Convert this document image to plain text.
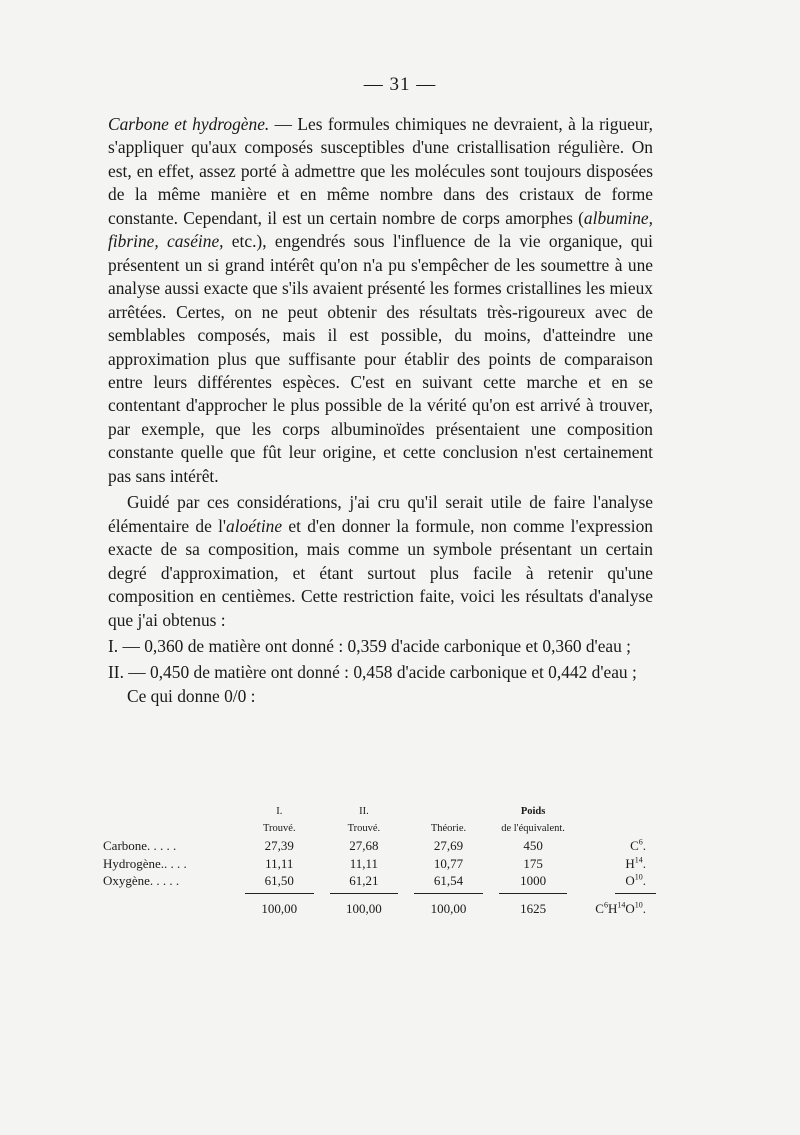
— 31 —

Carbone et hydrogène. — Les formules chimiques ne devraient, à la rigueur, s'appliquer qu'aux composés susceptibles d'une cristallisation régulière. On est, en effet, assez porté à admettre que les molécules sont toujours disposées de la même manière et en même nombre dans des cristaux de forme constante. Cependant, il est un certain nombre de corps amorphes (albumine, fibrine, caséine, etc.), engendrés sous l'influence de la vie organique, qui présentent un si grand intérêt qu'on n'a pu s'empêcher de les soumettre à une analyse aussi exacte que s'ils avaient présenté les formes cristallines les mieux arrêtées. Certes, on ne peut obtenir des résultats très-rigoureux avec de semblables composés, mais il est possible, du moins, d'atteindre une approximation plus que suffisante pour établir des points de comparaison entre leurs différentes espèces. C'est en suivant cette marche et en se contentant d'approcher le plus possible de la vérité qu'on est arrivé à trouver, par exemple, que les corps albuminoïdes présentaient une composition constante quelle que fût leur origine, et cette conclusion n'est certainement pas sans intérêt.

Guidé par ces considérations, j'ai cru qu'il serait utile de faire l'analyse élémentaire de l'aloétine et d'en donner la formule, non comme l'expression exacte de sa composition, mais comme un symbole présentant un certain degré d'approximation, et étant surtout plus facile à retenir qu'une composition en centièmes. Cette restriction faite, voici les résultats d'analyse que j'ai obtenus :

I. — 0,360 de matière ont donné : 0,359 d'acide carbonique et 0,360 d'eau ;

II. — 0,450 de matière ont donné : 0,458 d'acide carbonique et 0,442 d'eau ;

Ce qui donne 0/0 :

	I.	II.		Poids	
	Trouvé.	Trouvé.	Théorie.	de l'équivalent.	
Carbone. . . . .	27,39	27,68	27,69	450	$C^6$.
Hydrogène.. . . .	11,11	11,11	10,77	175	$H^{14}$.
Oxygène. . . . .	61,50	61,21	61,54	1000	$O^{10}$.

	100,00	100,00	100,00	1625	$C^6H^{14}O^{10}$.
